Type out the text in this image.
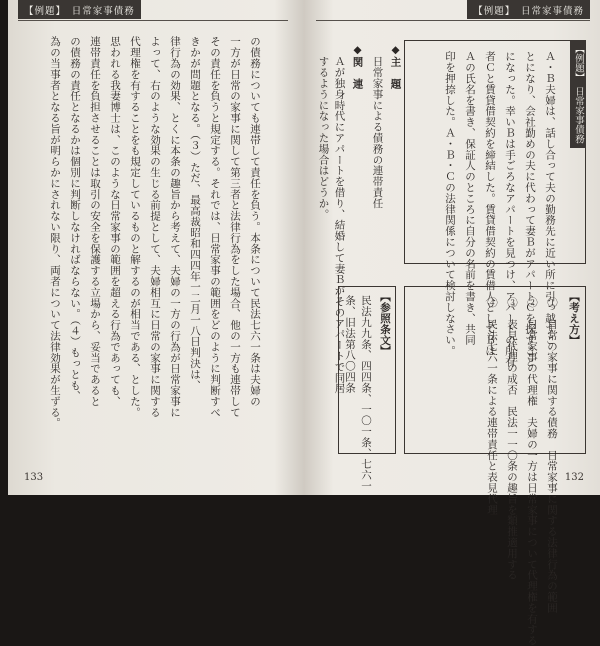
【例題】　日常家事債務
の債務についても連帯して責任を負う。本条について民法七六一条は夫婦の
一方が日常の家事に関して第三者と法律行為をした場合、他の一方も連帯して
その責任を負うと規定する。それでは、日常家事の範囲をどのように判断すべ
きかが問題となる。（３）ただ、最高裁昭和四四年一二月一八日判決は、
律行為の効果、とくに本条の趣旨から考えて、夫婦の一方の行為が日常家事に
よって、右のような効果の生じる前提として、夫婦相互に日常の家事に関する
代理権を有することをも規定しているものと解するのが相当である、とした。
思われる我妻博士は、このような日常家事の範囲を超える行為であっても、
連帯責任を負担させることは取引の安全を保護する立場から、妥当であると
の債務の責任となるかは個別に判断しなければならない。（４）もっとも、
為の当事者となる旨が明らかにされない限り、両者について法律効果が生ずる。
133
【例題】　日常家事債務
【例題】　日常家事債務
Ａ・Ｂ夫婦は、話し合って夫の勤務先に近い所に引っ越すこ
とになり、会社勤めの夫に代わって妻ＢがアパートＣを探すこと
になった。幸いＢは手ごろなアパートを見つけ、アパートの所有
者Ｃと賃貸借契約を締結した。賃貸借契約の賃借人としてＢは
Ａの氏名を書き、保証人のところに自分の名前を書き、共同
印を押捺した。Ａ・Ｂ・Ｃの法律関係について検討しなさい。
◆主　題
日常家事による債務の連帯責任
◆関　連
Ａが独身時代にアパートを借り、結婚して妻Ｂがそのアパートで同居
するようになった場合はどうか。
【考え方】
①　日常の家事に関する債務　日常家事に関する法律行為の範囲
②　日常家事の代理権　夫婦の一方は日常家事について代理権を有する
③　表見代理の成否　民法一一〇条の趣旨を類推適用する
④　民法七六一条による連帯責任と表見代理
【参照条文】
民法九九条、四四条、一〇一条、七六一
条、旧法第八〇四条
132
